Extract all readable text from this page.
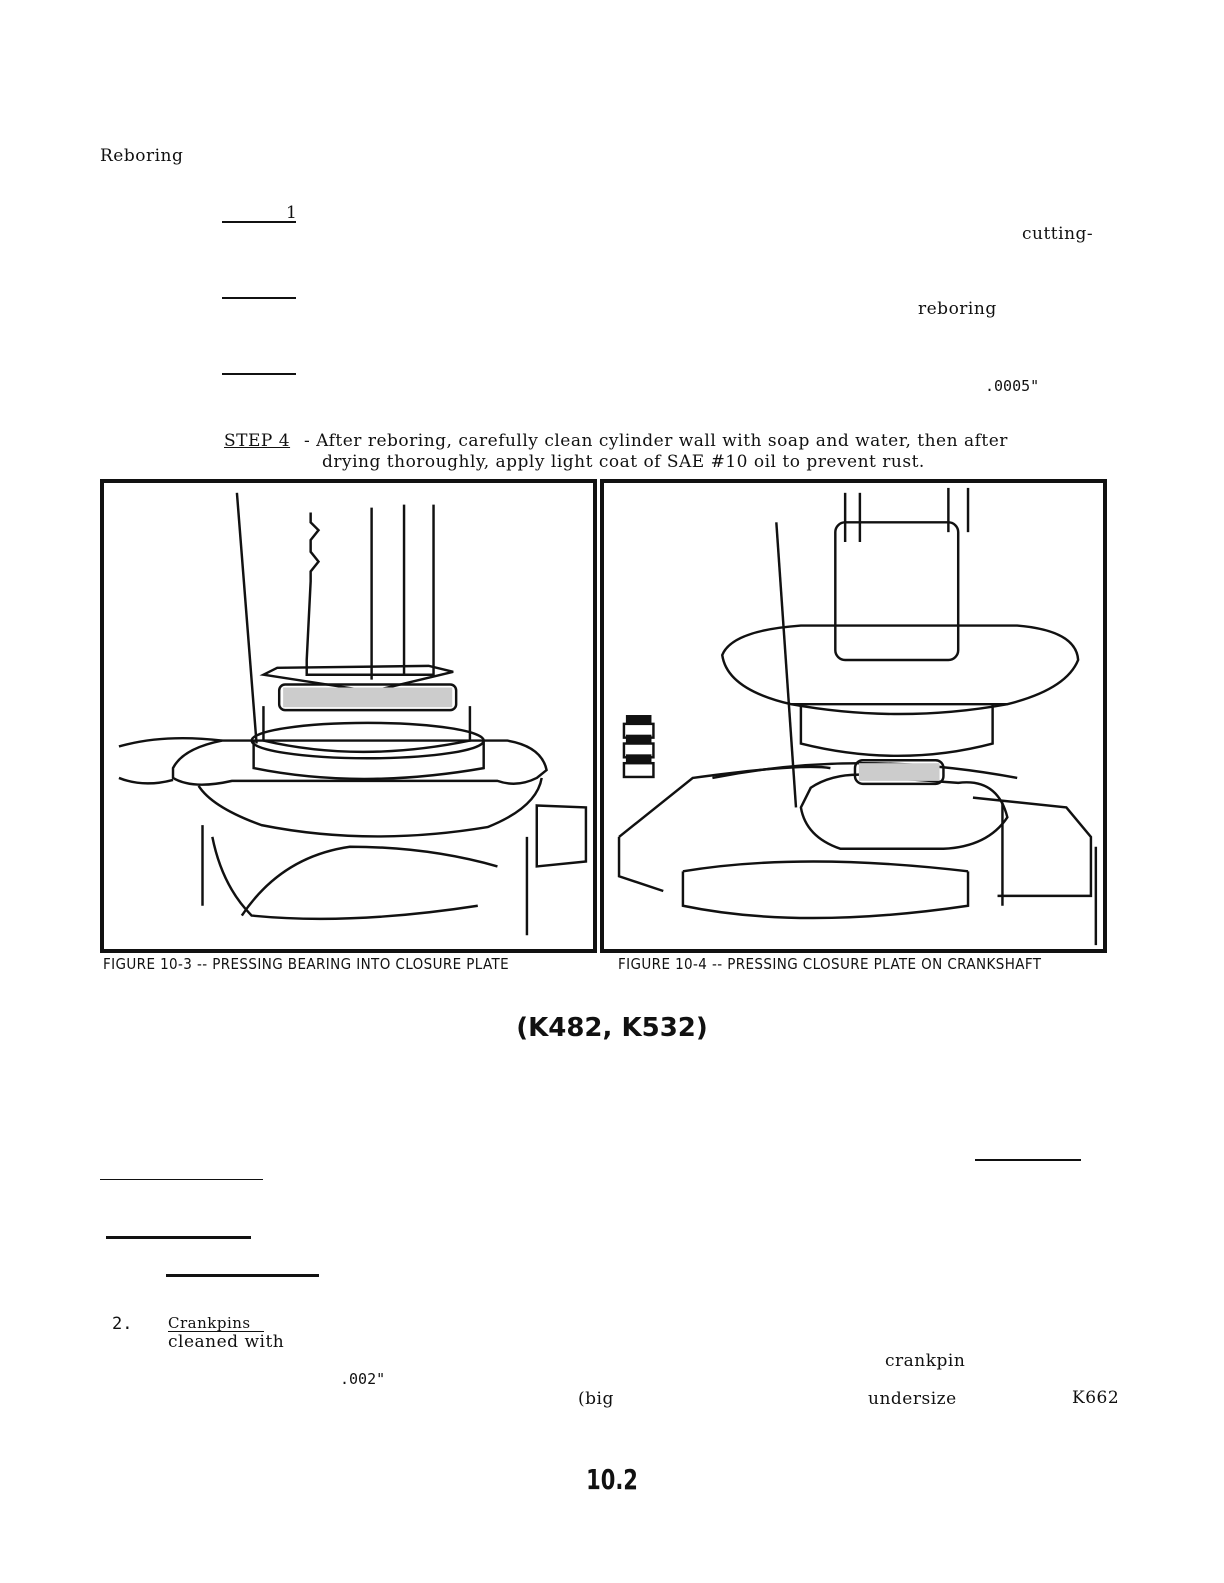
Reboring
1
cutting-
reboring
.0005"
STEP 4 - After reboring, carefully clean cylinder wall with soap and water, then after
drying thoroughly, apply light coat of SAE #10 oil to prevent rust.
FIGURE 10-3 -- PRESSING BEARING INTO CLOSURE PLATE	FIGURE 10-4 -- PRESSING CLOSURE PLATE ON CRANKSHAFT
(K482, K532)
2. Crankpins
cleaned with
crankpin
.002"
(big	undersize	K662
10.2
